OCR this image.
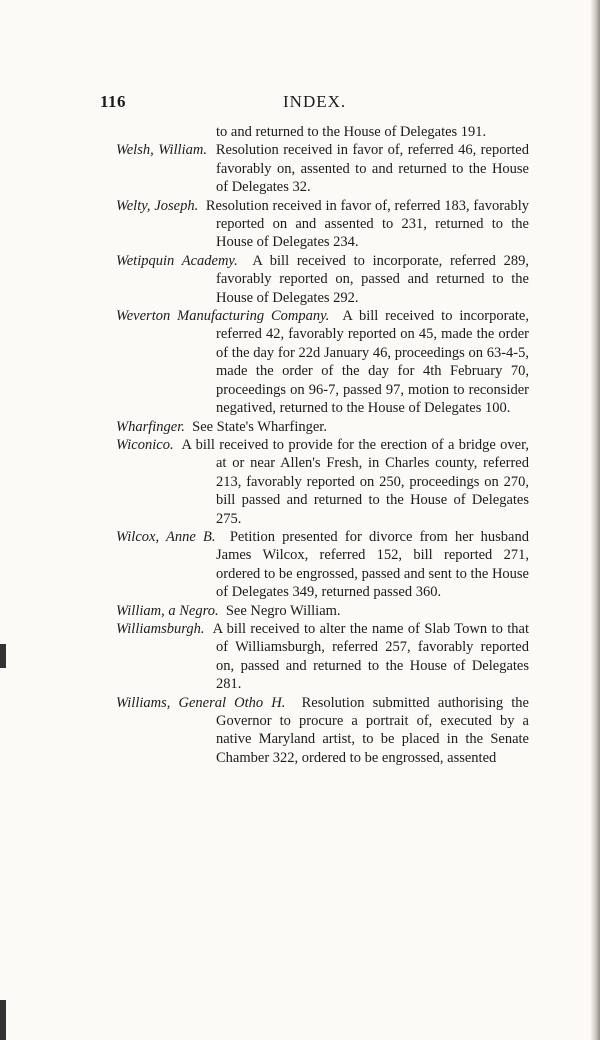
116	INDEX.

to and returned to the House of Delegates 191.

Welsh, William. Resolution received in favor of, referred 46, reported favorably on, assented to and returned to the House of Delegates 32.

Welty, Joseph. Resolution received in favor of, referred 183, favorably reported on and assented to 231, returned to the House of Delegates 234.

Wetipquin Academy. A bill received to incorporate, referred 289, favorably reported on, passed and returned to the House of Delegates 292.

Weverton Manufacturing Company. A bill received to incorporate, referred 42, favorably reported on 45, made the order of the day for 22d January 46, proceedings on 63-4-5, made the order of the day for 4th February 70, proceedings on 96-7, passed 97, motion to reconsider negatived, returned to the House of Delegates 100.

Wharfinger. See State's Wharfinger.

Wiconico. A bill received to provide for the erection of a bridge over, at or near Allen's Fresh, in Charles county, referred 213, favorably reported on 250, proceedings on 270, bill passed and returned to the House of Delegates 275.

Wilcox, Anne B. Petition presented for divorce from her husband James Wilcox, referred 152, bill reported 271, ordered to be engrossed, passed and sent to the House of Delegates 349, returned passed 360.

William, a Negro. See Negro William.

Williamsburgh. A bill received to alter the name of Slab Town to that of Williamsburgh, referred 257, favorably reported on, passed and returned to the House of Delegates 281.

Williams, General Otho H. Resolution submitted authorising the Governor to procure a portrait of, executed by a native Maryland artist, to be placed in the Senate Chamber 322, ordered to be engrossed, assented
